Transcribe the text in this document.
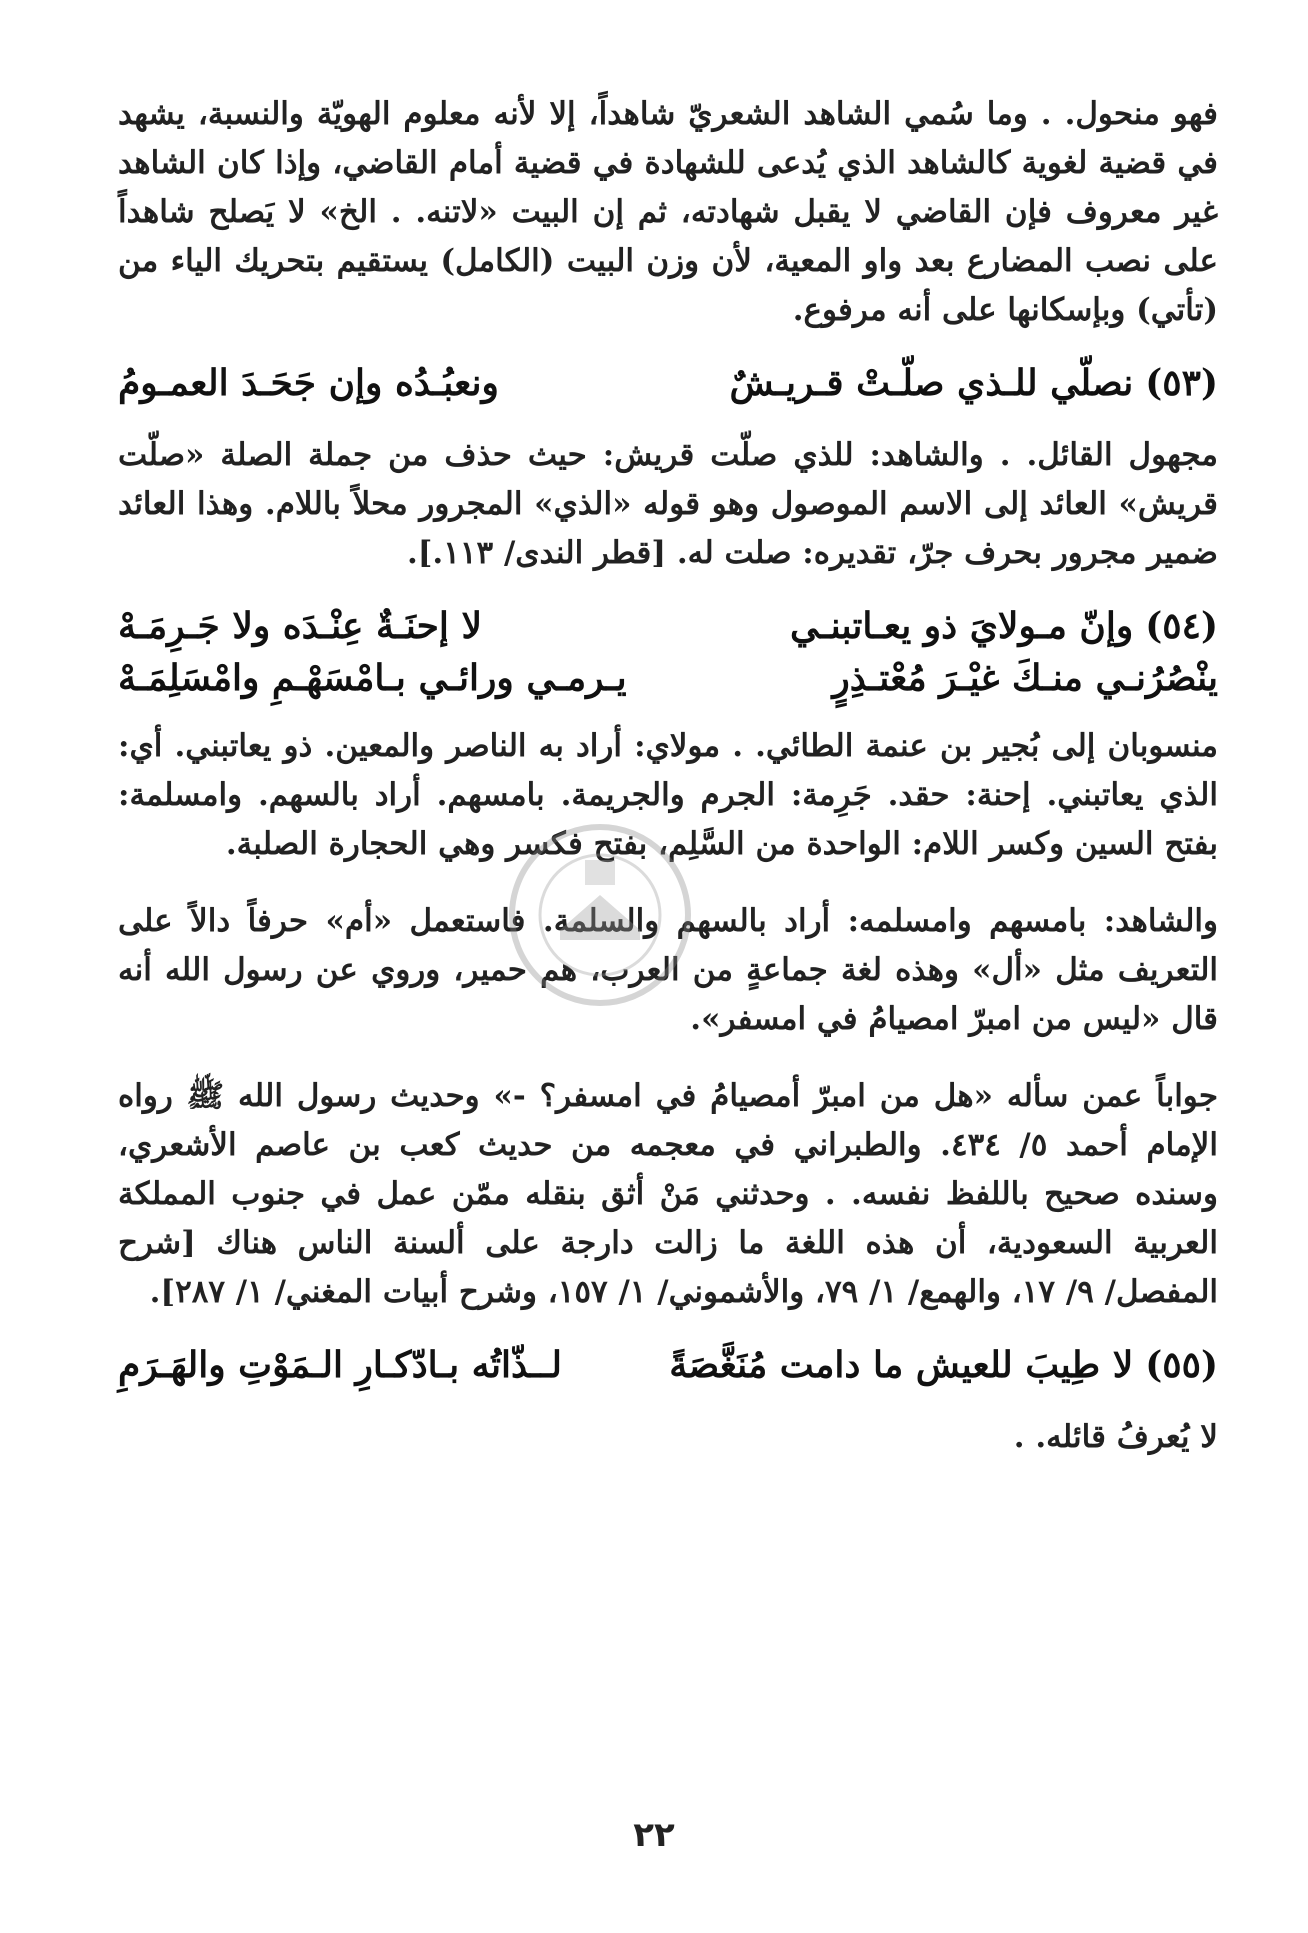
فهو منحول. . وما سُمي الشاهد الشعريّ شاهداً، إلا لأنه معلوم الهويّة والنسبة، يشهد في قضية لغوية كالشاهد الذي يُدعى للشهادة في قضية أمام القاضي، وإذا كان الشاهد غير معروف فإن القاضي لا يقبل شهادته، ثم إن البيت «لاتنه. . الخ» لا يَصلح شاهداً على نصب المضارع بعد واو المعية، لأن وزن البيت (الكامل) يستقيم بتحريك الياء من (تأتي) وبإسكانها على أنه مرفوع.

(٥٣)نصلّي للـذي صلّـتْ قـريـشٌ
ونعبُـدُه وإن جَحَـدَ العمـومُ

مجهول القائل. . والشاهد: للذي صلّت قريش: حيث حذف من جملة الصلة «صلّت قريش» العائد إلى الاسم الموصول وهو قوله «الذي» المجرور محلاً باللام. وهذا العائد ضمير مجرور بحرف جرّ، تقديره: صلت له. [قطر الندى/ ١١٣.].

(٥٤)وإنّ مـولايَ ذو يعـاتبنـي
لا إحنَـةٌ عِنْـدَه ولا جَـرِمَـهْ
ينْصُرُنـي منـكَ غيْـرَ مُعْتـذِرٍ
يـرمـي ورائـي بـامْسَهْـمِ وامْسَلِمَـهْ

منسوبان إلى بُجير بن عنمة الطائي. . مولاي: أراد به الناصر والمعين. ذو يعاتبني. أي: الذي يعاتبني. إحنة: حقد. جَرِمة: الجرم والجريمة. بامسهم. أراد بالسهم. وامسلمة: بفتح السين وكسر اللام: الواحدة من السَّلِم، بفتح فكسر وهي الحجارة الصلبة.

والشاهد: بامسهم وامسلمه: أراد بالسهم والسلمة. فاستعمل «أم» حرفاً دالاً على التعريف مثل «أل» وهذه لغة جماعةٍ من العرب، هم حمير، وروي عن رسول الله أنه قال «ليس من امبرّ امصيامُ في امسفر».

جواباً عمن سأله «هل من امبرّ أمصيامُ في امسفر؟ -» وحديث رسول الله ﷺ رواه الإمام أحمد ٥/ ٤٣٤. والطبراني في معجمه من حديث كعب بن عاصم الأشعري، وسنده صحيح باللفظ نفسه. . وحدثني مَنْ أثق بنقله ممّن عمل في جنوب المملكة العربية السعودية، أن هذه اللغة ما زالت دارجة على ألسنة الناس هناك [شرح المفصل/ ٩/ ١٧، والهمع/ ١/ ٧٩، والأشموني/ ١/ ١٥٧، وشرح أبيات المغني/ ١/ ٢٨٧].

(٥٥)لا طِيبَ للعيش ما دامت مُنَغَّصَةً
لــذّاتُه بـادّكـارِ الـمَوْتِ والهَـرَمِ

لا يُعرفُ قائله. .

٢٢
